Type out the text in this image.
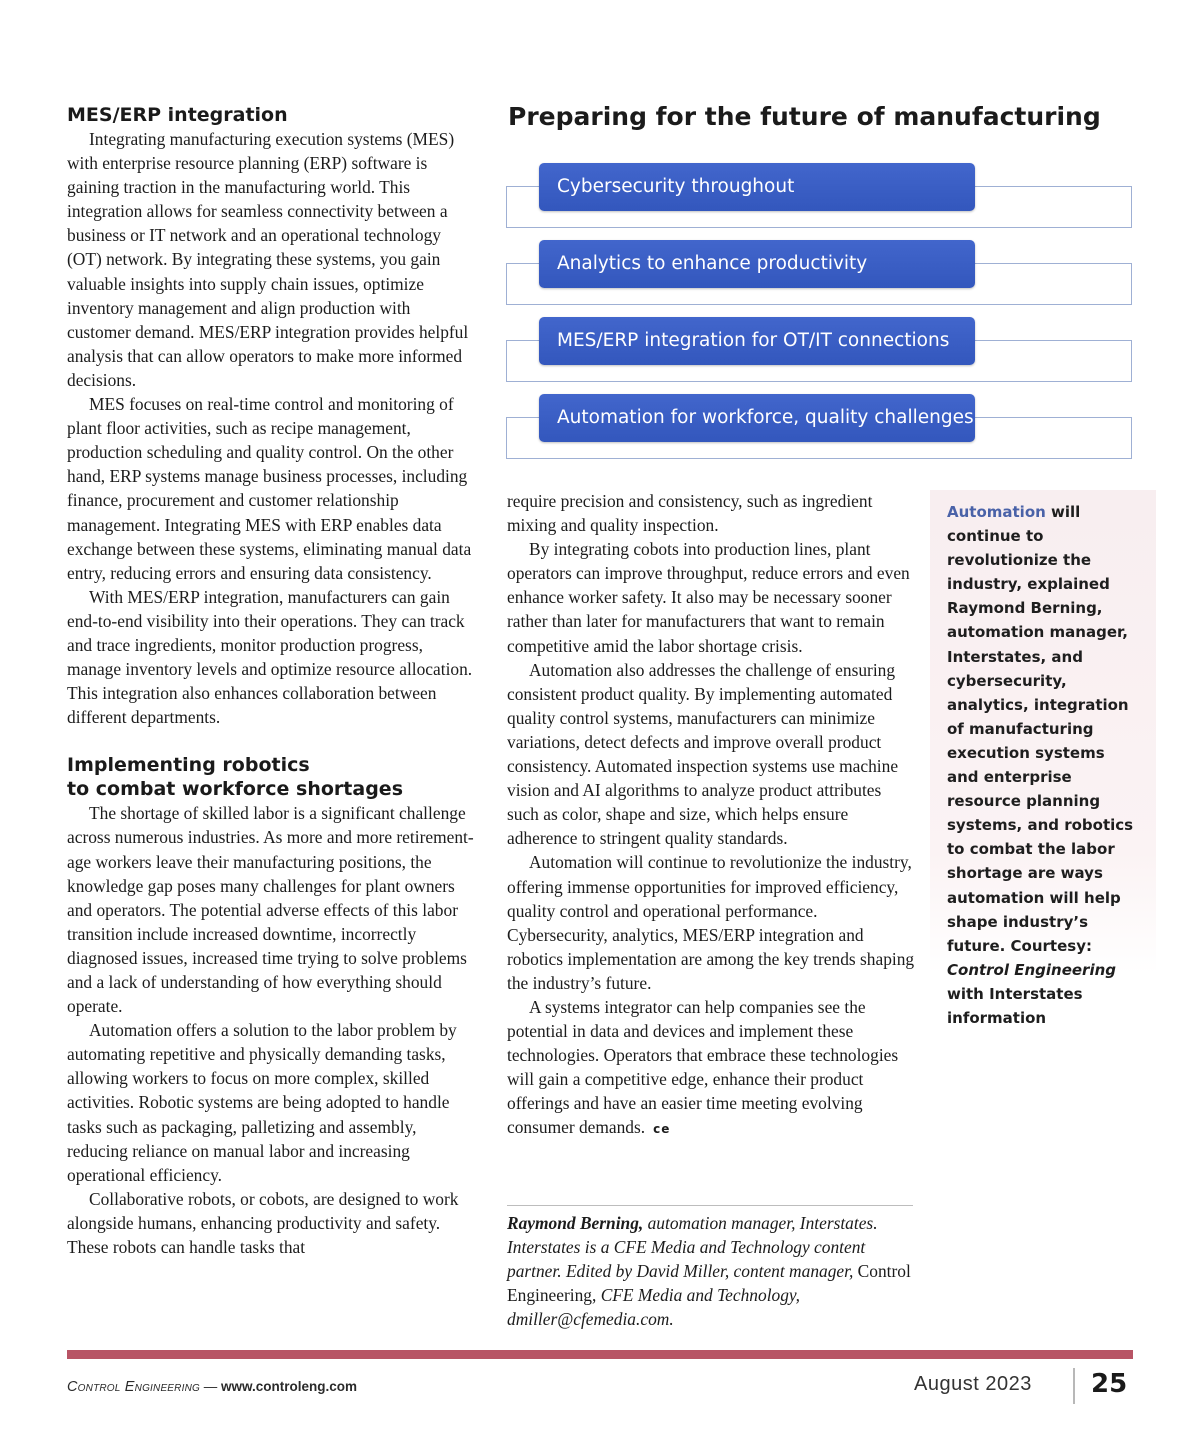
MES/ERP integration

Integrating manufacturing execution systems (MES) with enterprise resource planning (ERP) software is gaining traction in the manufacturing world. This integration allows for seamless connectivity between a business or IT network and an operational technology (OT) network. By integrating these systems, you gain valuable insights into supply chain issues, optimize inventory management and align production with customer demand. MES/ERP integration provides helpful analysis that can allow operators to make more informed decisions.

MES focuses on real-time control and monitoring of plant floor activities, such as recipe management, production scheduling and quality control. On the other hand, ERP systems manage business processes, including finance, procurement and customer relationship management. Integrating MES with ERP enables data exchange between these systems, eliminating manual data entry, reducing errors and ensuring data consistency.

With MES/ERP integration, manufacturers can gain end-to-end visibility into their operations. They can track and trace ingredients, monitor production progress, manage inventory levels and optimize resource allocation. This integration also enhances collaboration between different departments.

Implementing robotics
to combat workforce shortages

The shortage of skilled labor is a significant challenge across numerous industries. As more and more retirement-age workers leave their manufacturing positions, the knowledge gap poses many challenges for plant owners and operators. The potential adverse effects of this labor transition include increased downtime, incorrectly diagnosed issues, increased time trying to solve problems and a lack of understanding of how everything should operate.

Automation offers a solution to the labor problem by automating repetitive and physically demanding tasks, allowing workers to focus on more complex, skilled activities. Robotic systems are being adopted to handle tasks such as packaging, palletizing and assembly, reducing reliance on manual labor and increasing operational efficiency.

Collaborative robots, or cobots, are designed to work alongside humans, enhancing productivity and safety. These robots can handle tasks that

Preparing for the future of manufacturing
Cybersecurity throughout
Analytics to enhance productivity
MES/ERP integration for OT/IT connections
Automation for workforce, quality challenges

require precision and consistency, such as ingredient mixing and quality inspection.

By integrating cobots into production lines, plant operators can improve throughput, reduce errors and even enhance worker safety. It also may be necessary sooner rather than later for manufacturers that want to remain competitive amid the labor shortage crisis.

Automation also addresses the challenge of ensuring consistent product quality. By implementing automated quality control systems, manufacturers can minimize variations, detect defects and improve overall product consistency. Automated inspection systems use machine vision and AI algorithms to analyze product attributes such as color, shape and size, which helps ensure adherence to stringent quality standards.

Automation will continue to revolutionize the industry, offering immense opportunities for improved efficiency, quality control and operational performance. Cybersecurity, analytics, MES/ERP integration and robotics implementation are among the key trends shaping the industry’s future.

A systems integrator can help companies see the potential in data and devices and implement these technologies. Operators that embrace these technologies will gain a competitive edge, enhance their product offerings and have an easier time meeting evolving consumer demands. ce

Raymond Berning, automation manager, Interstates. Interstates is a CFE Media and Technology content partner. Edited by David Miller, content manager, Control Engineering, CFE Media and Technology, dmiller@cfemedia.com.
Automation will continue to revolutionize the industry, explained Raymond Berning, automation manager, Interstates, and cybersecurity, analytics, integration of manufacturing execution systems and enterprise resource planning systems, and robotics to combat the labor shortage are ways automation will help shape industry’s future. Courtesy: Control Engineering with Interstates information
Control Engineering — www.controleng.com	August 2023 25
